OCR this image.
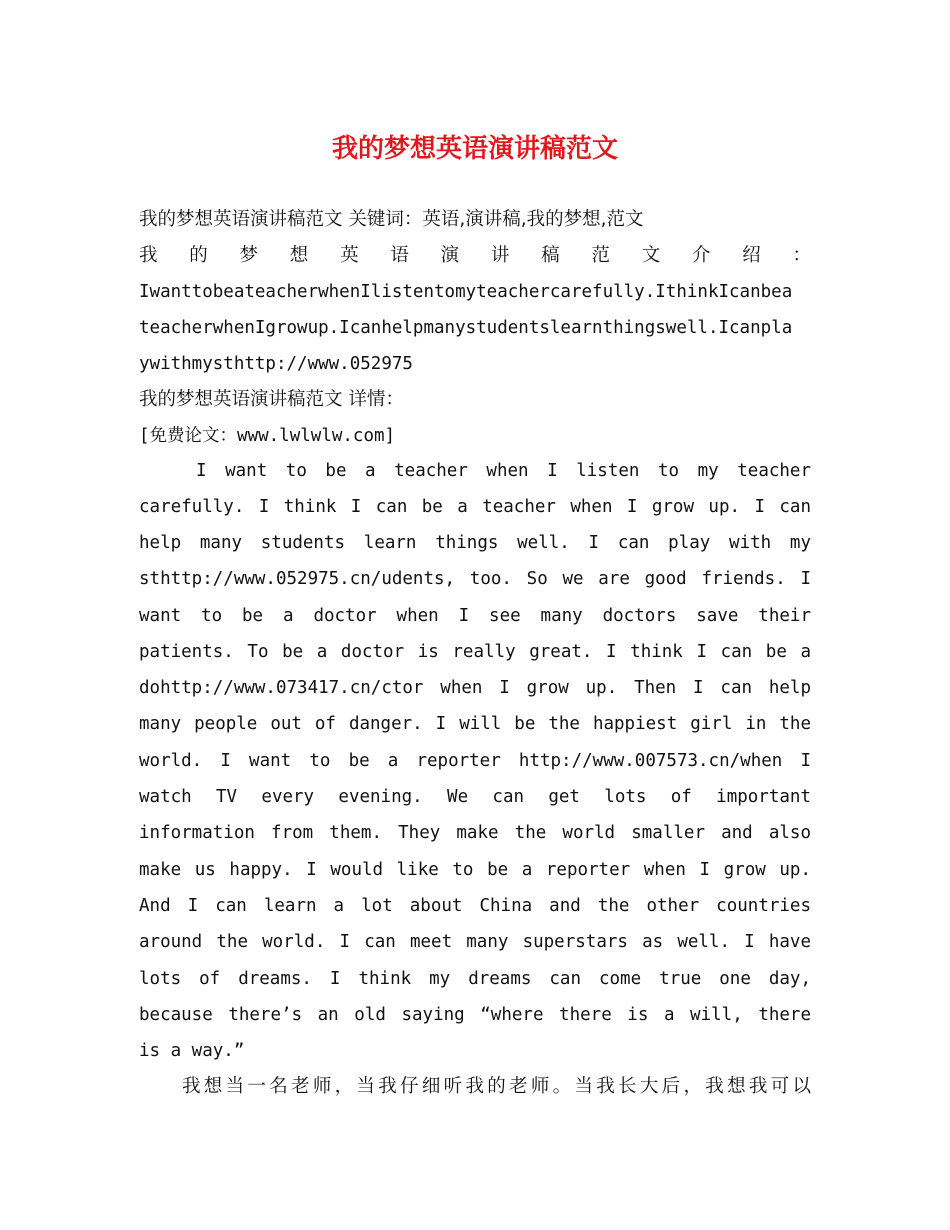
我的梦想英语演讲稿范文
我的梦想英语演讲稿范文 关键词：英语,演讲稿,我的梦想,范文
我 的 梦 想 英 语 演 讲 稿 范 文 介 绍 ：
IwanttobeateacherwhenIlistentomyteachercarefully.IthinkIcanbea
teacherwhenIgrowup.Icanhelpmanystudentslearnthingswell.Icanpla
ywithmysthttp://www.052975
我的梦想英语演讲稿范文 详情：
[免费论文：www.lwlwlw.com]
I want to be a teacher when I listen to my teacher
carefully. I think I can be a teacher when I grow up. I can
help many students learn things well. I can play with my
sthttp://www.052975.cn/udents, too. So we are good friends. I
want to be a doctor when I see many doctors save their
patients. To be a doctor is really great. I think I can be a
dohttp://www.073417.cn/ctor when I grow up. Then I can help
many people out of danger. I will be the happiest girl in the
world. I want to be a reporter http://www.007573.cn/when I
watch TV every evening. We can get lots of important
information from them. They make the world smaller and also
make us happy. I would like to be a reporter when I grow up.
And I can learn a lot about China and the other countries
around the world. I can meet many superstars as well. I have
lots of dreams. I think my dreams can come true one day,
because there’s an old saying “where there is a will, there
is a way.”
我想当一名老师，当我仔细听我的老师。当我长大后，我想我可以
